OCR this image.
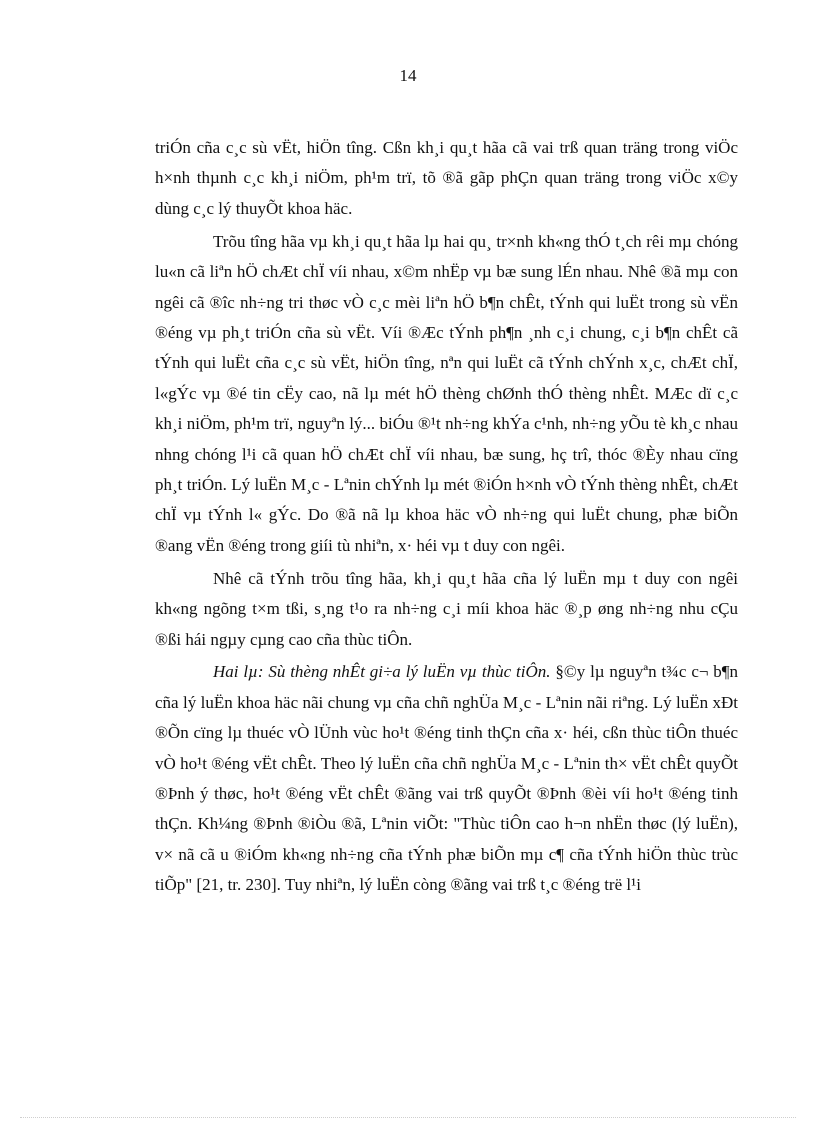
14

triÓn cña c¸c sù vËt, hiÖn tîng. Cßn kh¸i qu¸t hãa cã vai trß quan träng trong viÖc h×nh thµnh c¸c kh¸i niÖm, ph¹m trï, tõ ®ã gãp phÇn quan träng trong viÖc x©y dùng c¸c lý thuyÕt khoa häc.

Trõu tîng hãa vµ kh¸i qu¸t hãa lµ hai qu¸ tr×nh kh«ng thÓ t¸ch rêi mµ chóng lu«n cã liªn hÖ chÆt chÏ víi nhau, x©m nhËp vµ bæ sung lÉn nhau. Nhê ®ã mµ con ngêi cã ®îc nh÷ng tri thøc vÒ c¸c mèi liªn hÖ b¶n chÊt, tÝnh qui luËt trong sù vËn ®éng vµ ph¸t triÓn cña sù vËt. Víi ®Æc tÝnh ph¶n ¸nh c¸i chung, c¸i b¶n chÊt cã tÝnh qui luËt cña c¸c sù vËt, hiÖn tîng, nªn qui luËt cã tÝnh chÝnh x¸c, chÆt chÏ, l«gÝc vµ ®é tin cËy cao, nã lµ mét hÖ thèng chØnh thÓ thèng nhÊt. MÆc dï c¸c kh¸i niÖm, ph¹m trï, nguyªn lý... biÓu ®¹t nh÷ng khÝa c¹nh, nh÷ng yÕu tè kh¸c nhau nhng chóng l¹i cã quan hÖ chÆt chÏ víi nhau, bæ sung, hç trî, thóc ®Èy nhau cïng ph¸t triÓn. Lý luËn M¸c - Lªnin chÝnh lµ mét ®iÓn h×nh vÒ tÝnh thèng nhÊt, chÆt chÏ vµ tÝnh l« gÝc. Do ®ã nã lµ khoa häc vÒ nh÷ng qui luËt chung, phæ biÕn ®ang vËn ®éng trong giíi tù nhiªn, x· héi vµ t duy con ngêi.

Nhê cã tÝnh trõu tîng hãa, kh¸i qu¸t hãa cña lý luËn mµ t duy con ngêi kh«ng ngõng t×m tßi, s¸ng t¹o ra nh÷ng c¸i míi khoa häc ®¸p øng nh÷ng nhu cÇu ®ßi hái ngµy cµng cao cña thùc tiÔn.

Hai lµ: Sù thèng nhÊt gi÷a lý luËn vµ thùc tiÔn. §©y lµ nguyªn t¾c c¬ b¶n cña lý luËn khoa häc nãi chung vµ cña chñ nghÜa M¸c - Lªnin nãi riªng. Lý luËn xÐt ®Õn cïng lµ thuéc vÒ lÜnh vùc ho¹t ®éng tinh thÇn cña x· héi, cßn thùc tiÔn thuéc vÒ ho¹t ®éng vËt chÊt. Theo lý luËn cña chñ nghÜa M¸c - Lªnin th× vËt chÊt quyÕt ®Þnh ý thøc, ho¹t ®éng vËt chÊt ®ãng vai trß quyÕt ®Þnh ®èi víi ho¹t ®éng tinh thÇn. Kh¼ng ®Þnh ®iÒu ®ã, Lªnin viÕt: "Thùc tiÔn cao h¬n nhËn thøc (lý luËn), v× nã cã u ®iÓm kh«ng nh÷ng cña tÝnh phæ biÕn mµ c¶ cña tÝnh hiÖn thùc trùc tiÕp" [21, tr. 230]. Tuy nhiªn, lý luËn còng ®ãng vai trß t¸c ®éng trë l¹i
